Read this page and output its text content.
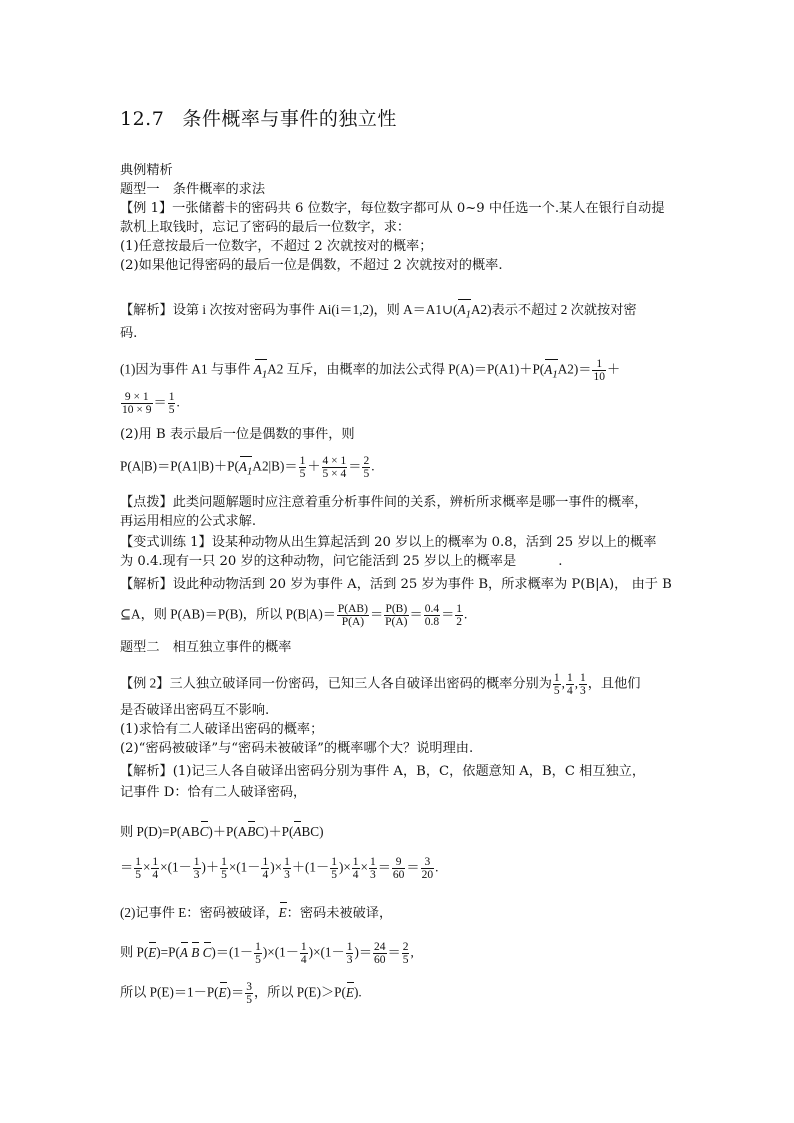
12.7 条件概率与事件的独立性
典例精析
题型一　条件概率的求法
【例 1】一张储蓄卡的密码共 6 位数字，每位数字都可从 0~9 中任选一个.某人在银行自动提
款机上取钱时，忘记了密码的最后一位数字，求：
(1)任意按最后一位数字，不超过 2 次就按对的概率；
(2)如果他记得密码的最后一位是偶数，不超过 2 次就按对的概率.
【解析】设第 i 次按对密码为事件 Ai(i＝1,2)，则 $A=A1\cup(A_1A2)$表示不超过 2 次就按对密
码.
(1)因为事件 A1 与事件 $A_1A2$ 互斥，由概率的加法公式得 $P(A)=P(A1)+P(A_1A2)= \frac{1}{10}$ ＋
$\frac{9 \times 1}{10 \times 9} = \frac{1}{5}$ .
(2)用 B 表示最后一位是偶数的事件，则
$P(A|B)=P(A1|B)+P(A_1A2|B)= \frac{1}{5} + \frac{4 \times 1}{5 \times 4} = \frac{2}{5}$ .
【点拨】此类问题解题时应注意着重分析事件间的关系，辨析所求概率是哪一事件的概率，
再运用相应的公式求解.
【变式训练 1】设某种动物从出生算起活到 20 岁以上的概率为 0.8，活到 25 岁以上的概率
为 0.4.现有一只 20 岁的这种动物，问它能活到 25 岁以上的概率是	.
【解析】设此种动物活到 20 岁为事件 A，活到 25 岁为事件 B，所求概率为 P(B|A)， 由于 B
⊆A，则 P(AB)＝P(B)，所以 $P(B|A)= \frac{P(AB)}{P(A)} = \frac{P(B)}{P(A)} = \frac{0.4}{0.8} = \frac{1}{2}$ .
题型二　相互独立事件的概率
【例 2】三人独立破译同一份密码，已知三人各自破译出密码的概率分别为 $\frac{1}{5}$ , $\frac{1}{4}$ , $\frac{1}{3}$ ，且他们
是否破译出密码互不影响.
(1)求恰有二人破译出密码的概率；
(2)“密码被破译”与“密码未被破译”的概率哪个大？说明理由.
【解析】(1)记三人各自破译出密码分别为事件 A，B，C，依题意知 A，B，C 相互独立，
记事件 D：恰有二人破译密码，
则 P(D)=P(ABC)＋P(ABC)＋P(ABC)
＝ $\frac{1}{5} \times \frac{1}{4} \times(1- \frac{1}{3}$ )＋ $\frac{1}{5} \times(1- \frac{1}{4}$ )× $\frac{1}{3} +(1- \frac{1}{5}$ )× $\frac{1}{4} \times \frac{1}{3} = \frac{9}{60} = \frac{3}{20}$ .
(2)记事件 E：密码被破译，E：密码未被破译，
则 P(E)=P(A B $C)=(1- \frac{1}{5} )\times(1- \frac{1}{4} )\times(1- \frac{1}{3}$ )＝ $\frac{24}{60} = \frac{2}{5}$ ,
所以 $P(E)=1-P(E)= \frac{3}{5}$ ，所以 P(E)＞P(E).
